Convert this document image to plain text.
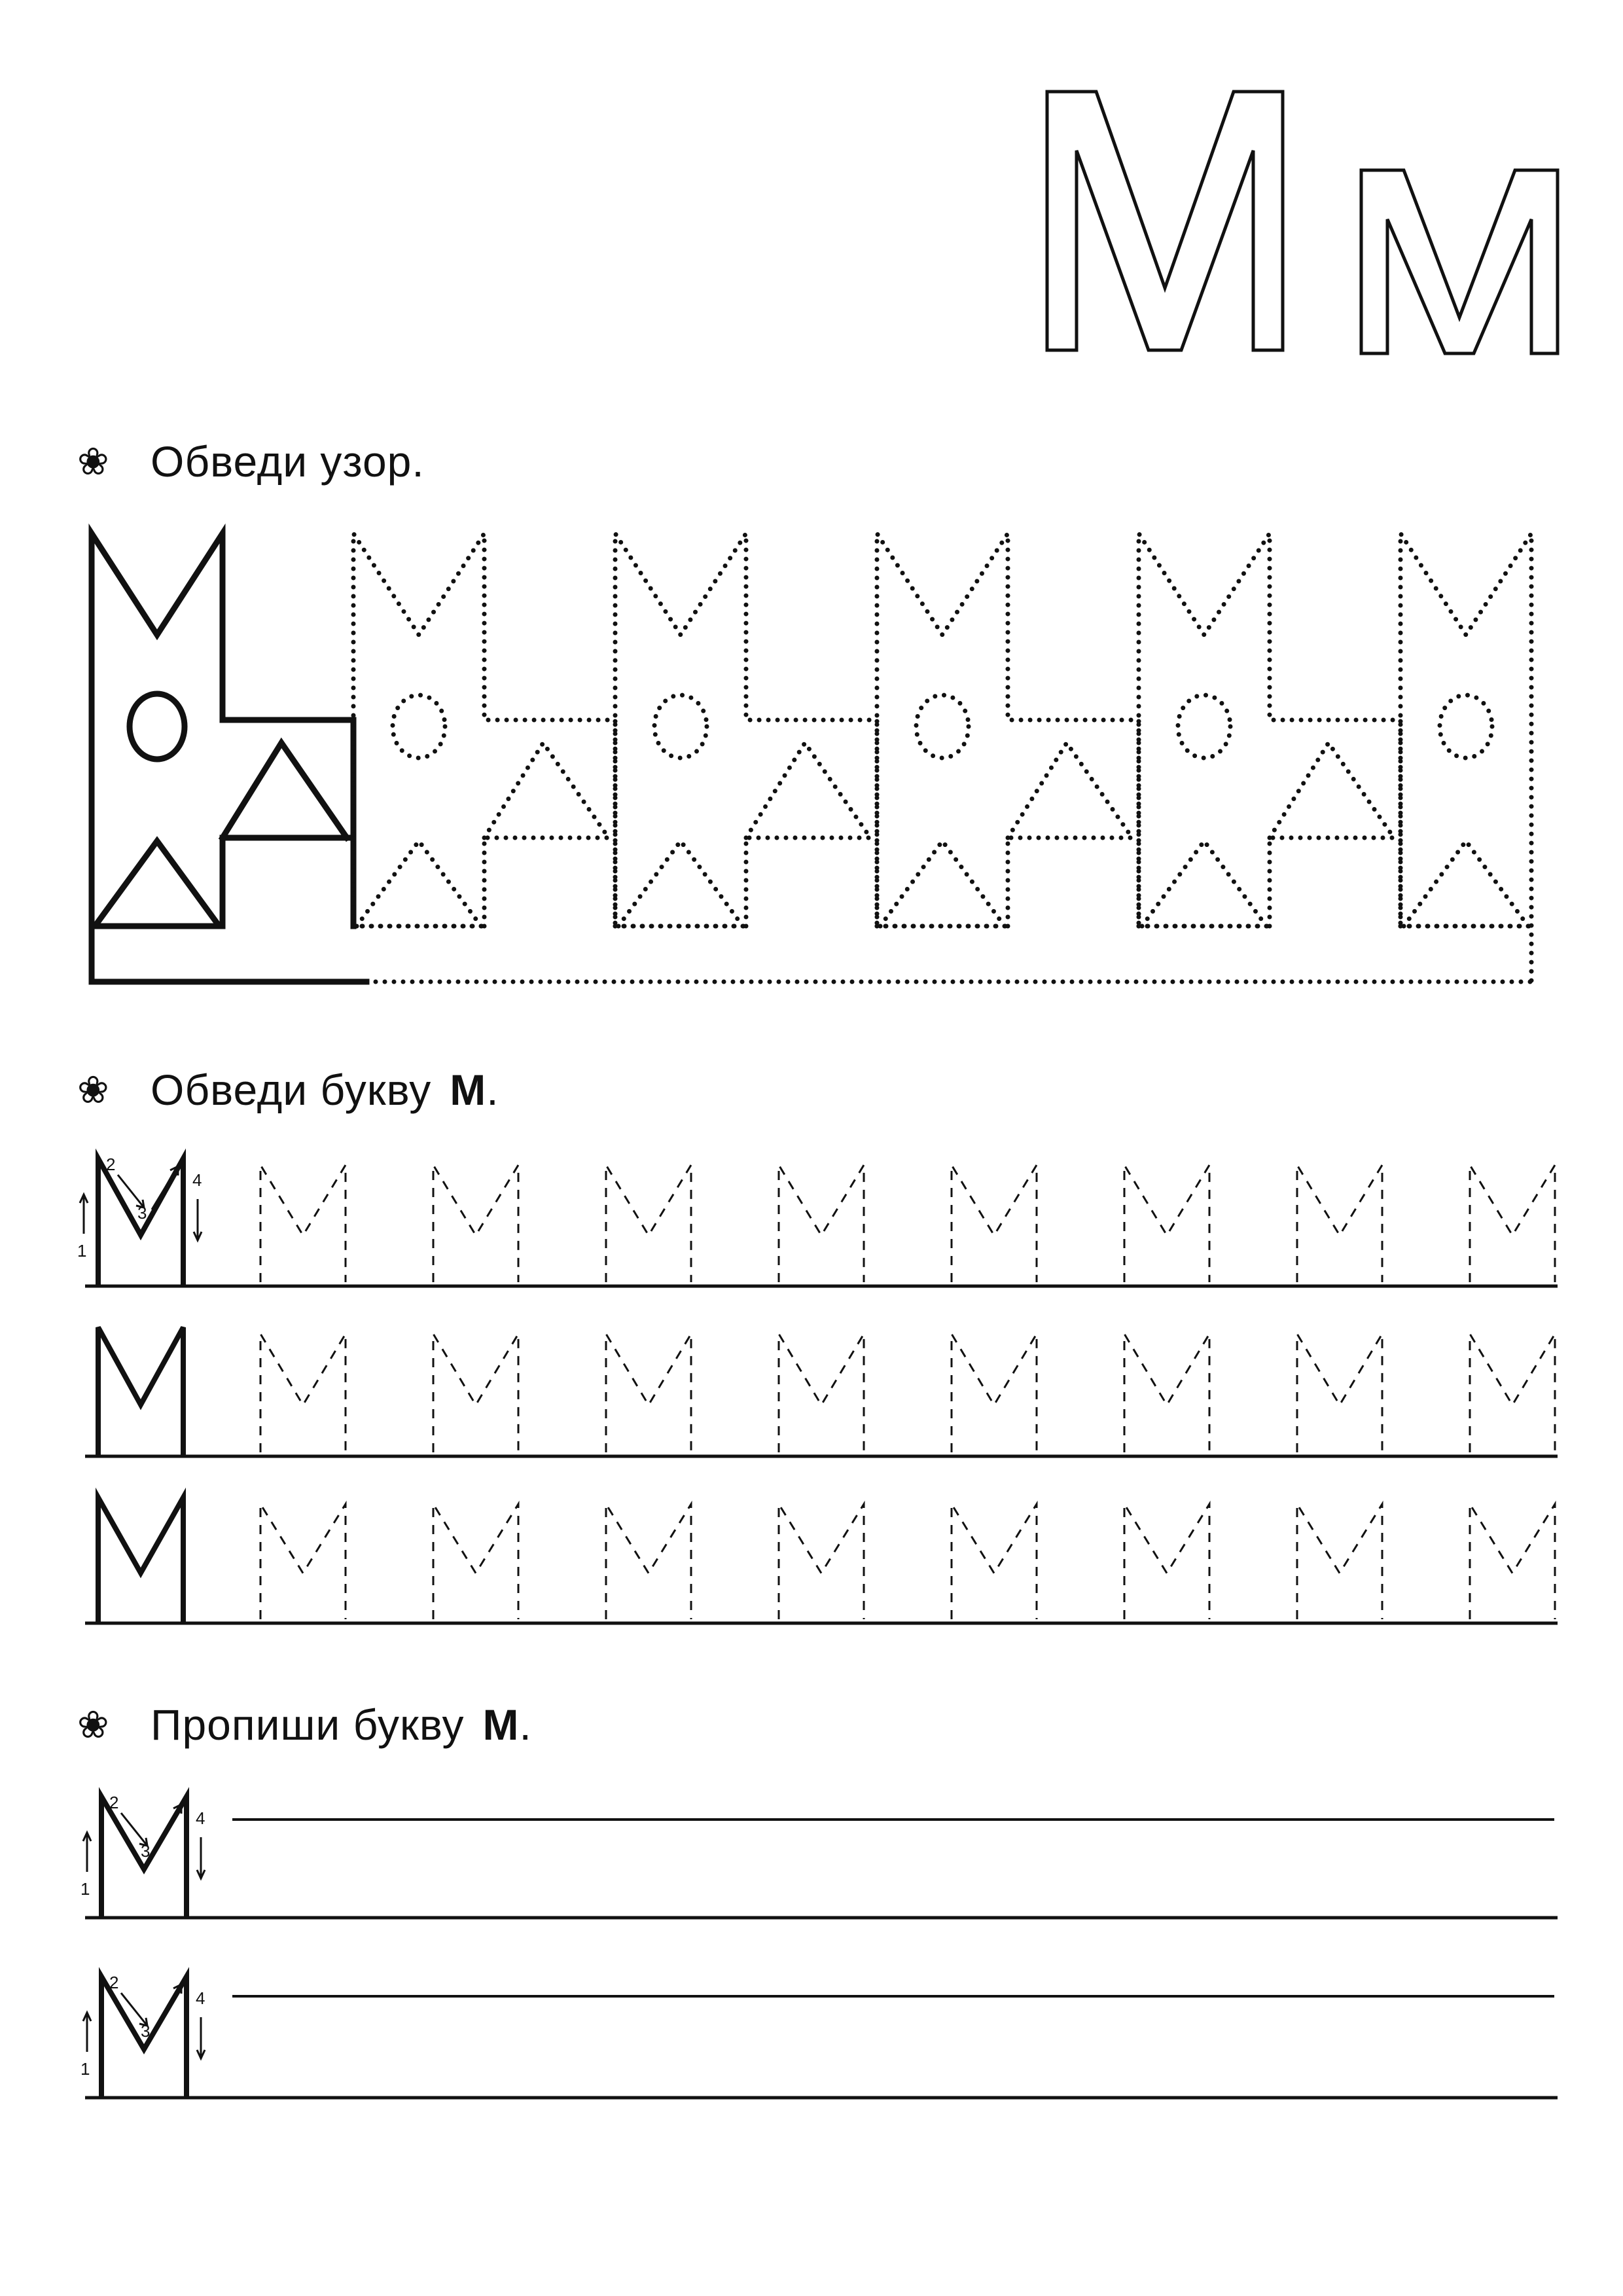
❀ Обведи узор.
❀ Обведи букву М .
1
2
3
4
❀ Пропиши букву М .
1
2
3
4
1
2
3
4
